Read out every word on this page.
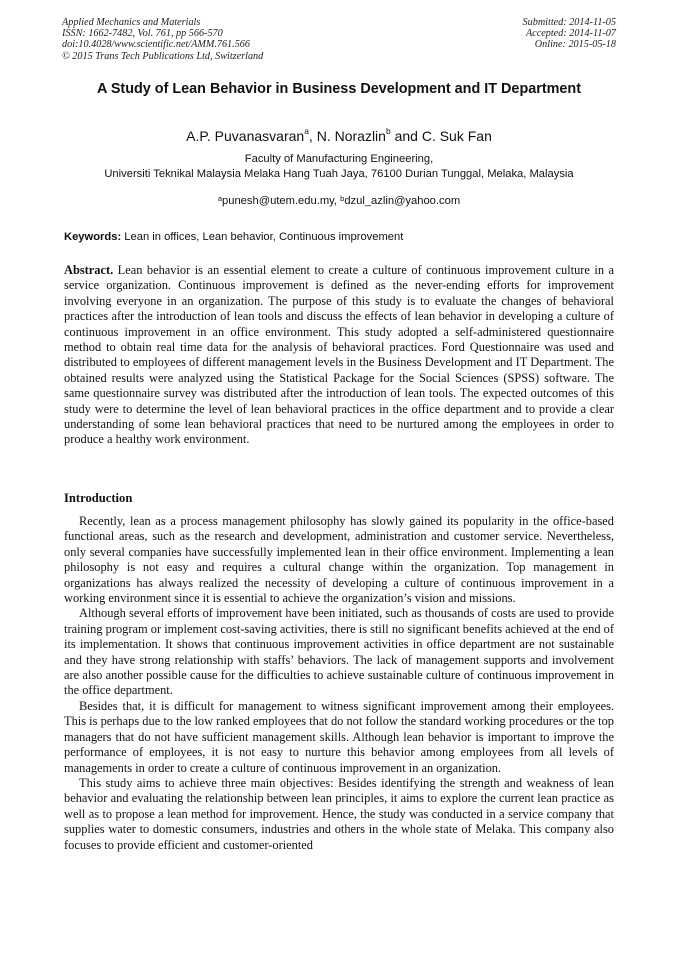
Applied Mechanics and Materials
ISSN: 1662-7482, Vol. 761, pp 566-570
doi:10.4028/www.scientific.net/AMM.761.566
© 2015 Trans Tech Publications Ltd, Switzerland
Submitted: 2014-11-05
Accepted: 2014-11-07
Online: 2015-05-18
A Study of Lean Behavior in Business Development and IT Department
A.P. Puvanasvaran$^a$, N. Norazlin$^b$ and C. Suk Fan
Faculty of Manufacturing Engineering,
Universiti Teknikal Malaysia Melaka Hang Tuah Jaya, 76100 Durian Tunggal, Melaka, Malaysia
$^a$punesh@utem.edu.my, $^b$dzul_azlin@yahoo.com
Keywords: Lean in offices, Lean behavior, Continuous improvement

Abstract. Lean behavior is an essential element to create a culture of continuous improvement culture in a service organization. Continuous improvement is defined as the never-ending efforts for improvement involving everyone in an organization. The purpose of this study is to evaluate the changes of behavioral practices after the introduction of lean tools and discuss the effects of lean behavior in developing a culture of continuous improvement in an office environment. This study adopted a self-administered questionnaire method to obtain real time data for the analysis of behavioral practices. Ford Questionnaire was used and distributed to employees of different management levels in the Business Development and IT Department. The obtained results were analyzed using the Statistical Package for the Social Sciences (SPSS) software. The same questionnaire survey was distributed after the introduction of lean tools. The expected outcomes of this study were to determine the level of lean behavioral practices in the office department and to provide a clear understanding of some lean behavioral practices that need to be nurtured among the employees in order to produce a healthy work environment.

Introduction

Recently, lean as a process management philosophy has slowly gained its popularity in the office-based functional areas, such as the research and development, administration and customer service. Nevertheless, only several companies have successfully implemented lean in their office environment. Implementing a lean philosophy is not easy and requires a cultural change within the organization. Top management in organizations has always realized the necessity of developing a culture of continuous improvement in a working environment since it is essential to achieve the organization’s vision and missions.

Although several efforts of improvement have been initiated, such as thousands of costs are used to provide training program or implement cost-saving activities, there is still no significant benefits achieved at the end of its implementation. It shows that continuous improvement activities in office department are not sustainable and they have strong relationship with staffs’ behaviors. The lack of management supports and involvement are also another possible cause for the difficulties to achieve sustainable culture of continuous improvement in the office department.

Besides that, it is difficult for management to witness significant improvement among their employees. This is perhaps due to the low ranked employees that do not follow the standard working procedures or the top managers that do not have sufficient management skills. Although lean behavior is important to improve the performance of employees, it is not easy to nurture this behavior among employees from all levels of managements in order to create a culture of continuous improvement in an organization.

This study aims to achieve three main objectives: Besides identifying the strength and weakness of lean behavior and evaluating the relationship between lean principles, it aims to explore the current lean practice as well as to propose a lean method for improvement. Hence, the study was conducted in a service company that supplies water to domestic consumers, industries and others in the whole state of Melaka. This company also focuses to provide efficient and customer-oriented
